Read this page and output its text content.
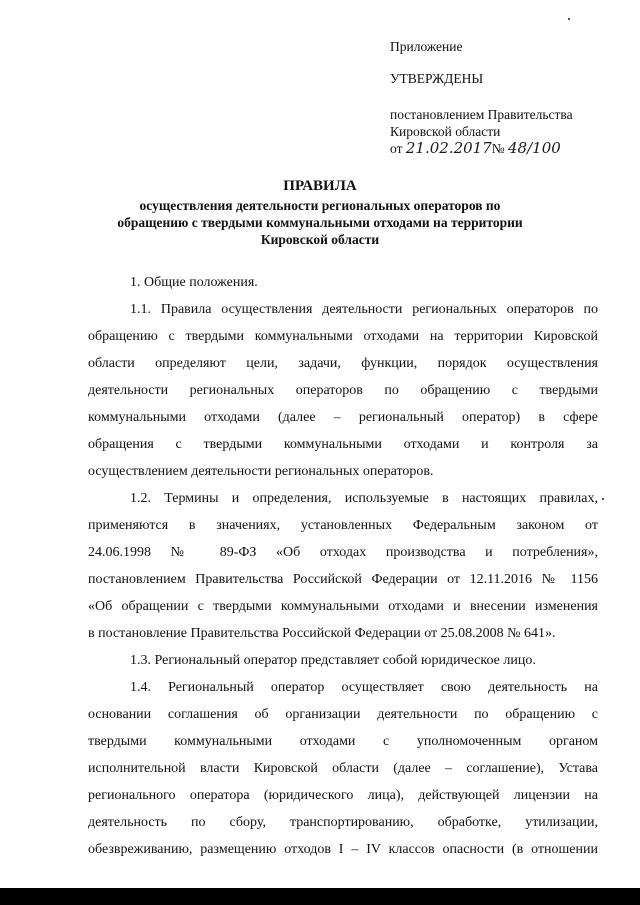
Приложение
УТВЕРЖДЕНЫ
постановлением Правительства
Кировской области
от 21.02.2017№ 48/100
ПРАВИЛА
осуществления деятельности региональных операторов по
обращению с твердыми коммунальными отходами на территории
Кировской области
1. Общие положения.
1.1. Правила осуществления деятельности региональных операторов по
обращению с твердыми коммунальными отходами на территории Кировской
области определяют цели, задачи, функции, порядок осуществления
деятельности региональных операторов по обращению с твердыми
коммунальными отходами (далее – региональный оператор) в сфере
обращения с твердыми коммунальными отходами и контроля за
осуществлением деятельности региональных операторов.
1.2. Термины и определения, используемые в настоящих правилах,
применяются в значениях, установленных Федеральным законом от
24.06.1998 № 89-ФЗ «Об отходах производства и потребления»,
постановлением Правительства Российской Федерации от 12.11.2016 № 1156
«Об обращении с твердыми коммунальными отходами и внесении изменения
в постановление Правительства Российской Федерации от 25.08.2008 № 641».
1.3. Региональный оператор представляет собой юридическое лицо.
1.4. Региональный оператор осуществляет свою деятельность на
основании соглашения об организации деятельности по обращению с
твердыми коммунальными отходами с уполномоченным органом
исполнительной власти Кировской области (далее – соглашение), Устава
регионального оператора (юридического лица), действующей лицензии на
деятельность по сбору, транспортированию, обработке, утилизации,
обезвреживанию, размещению отходов I – IV классов опасности (в отношении
